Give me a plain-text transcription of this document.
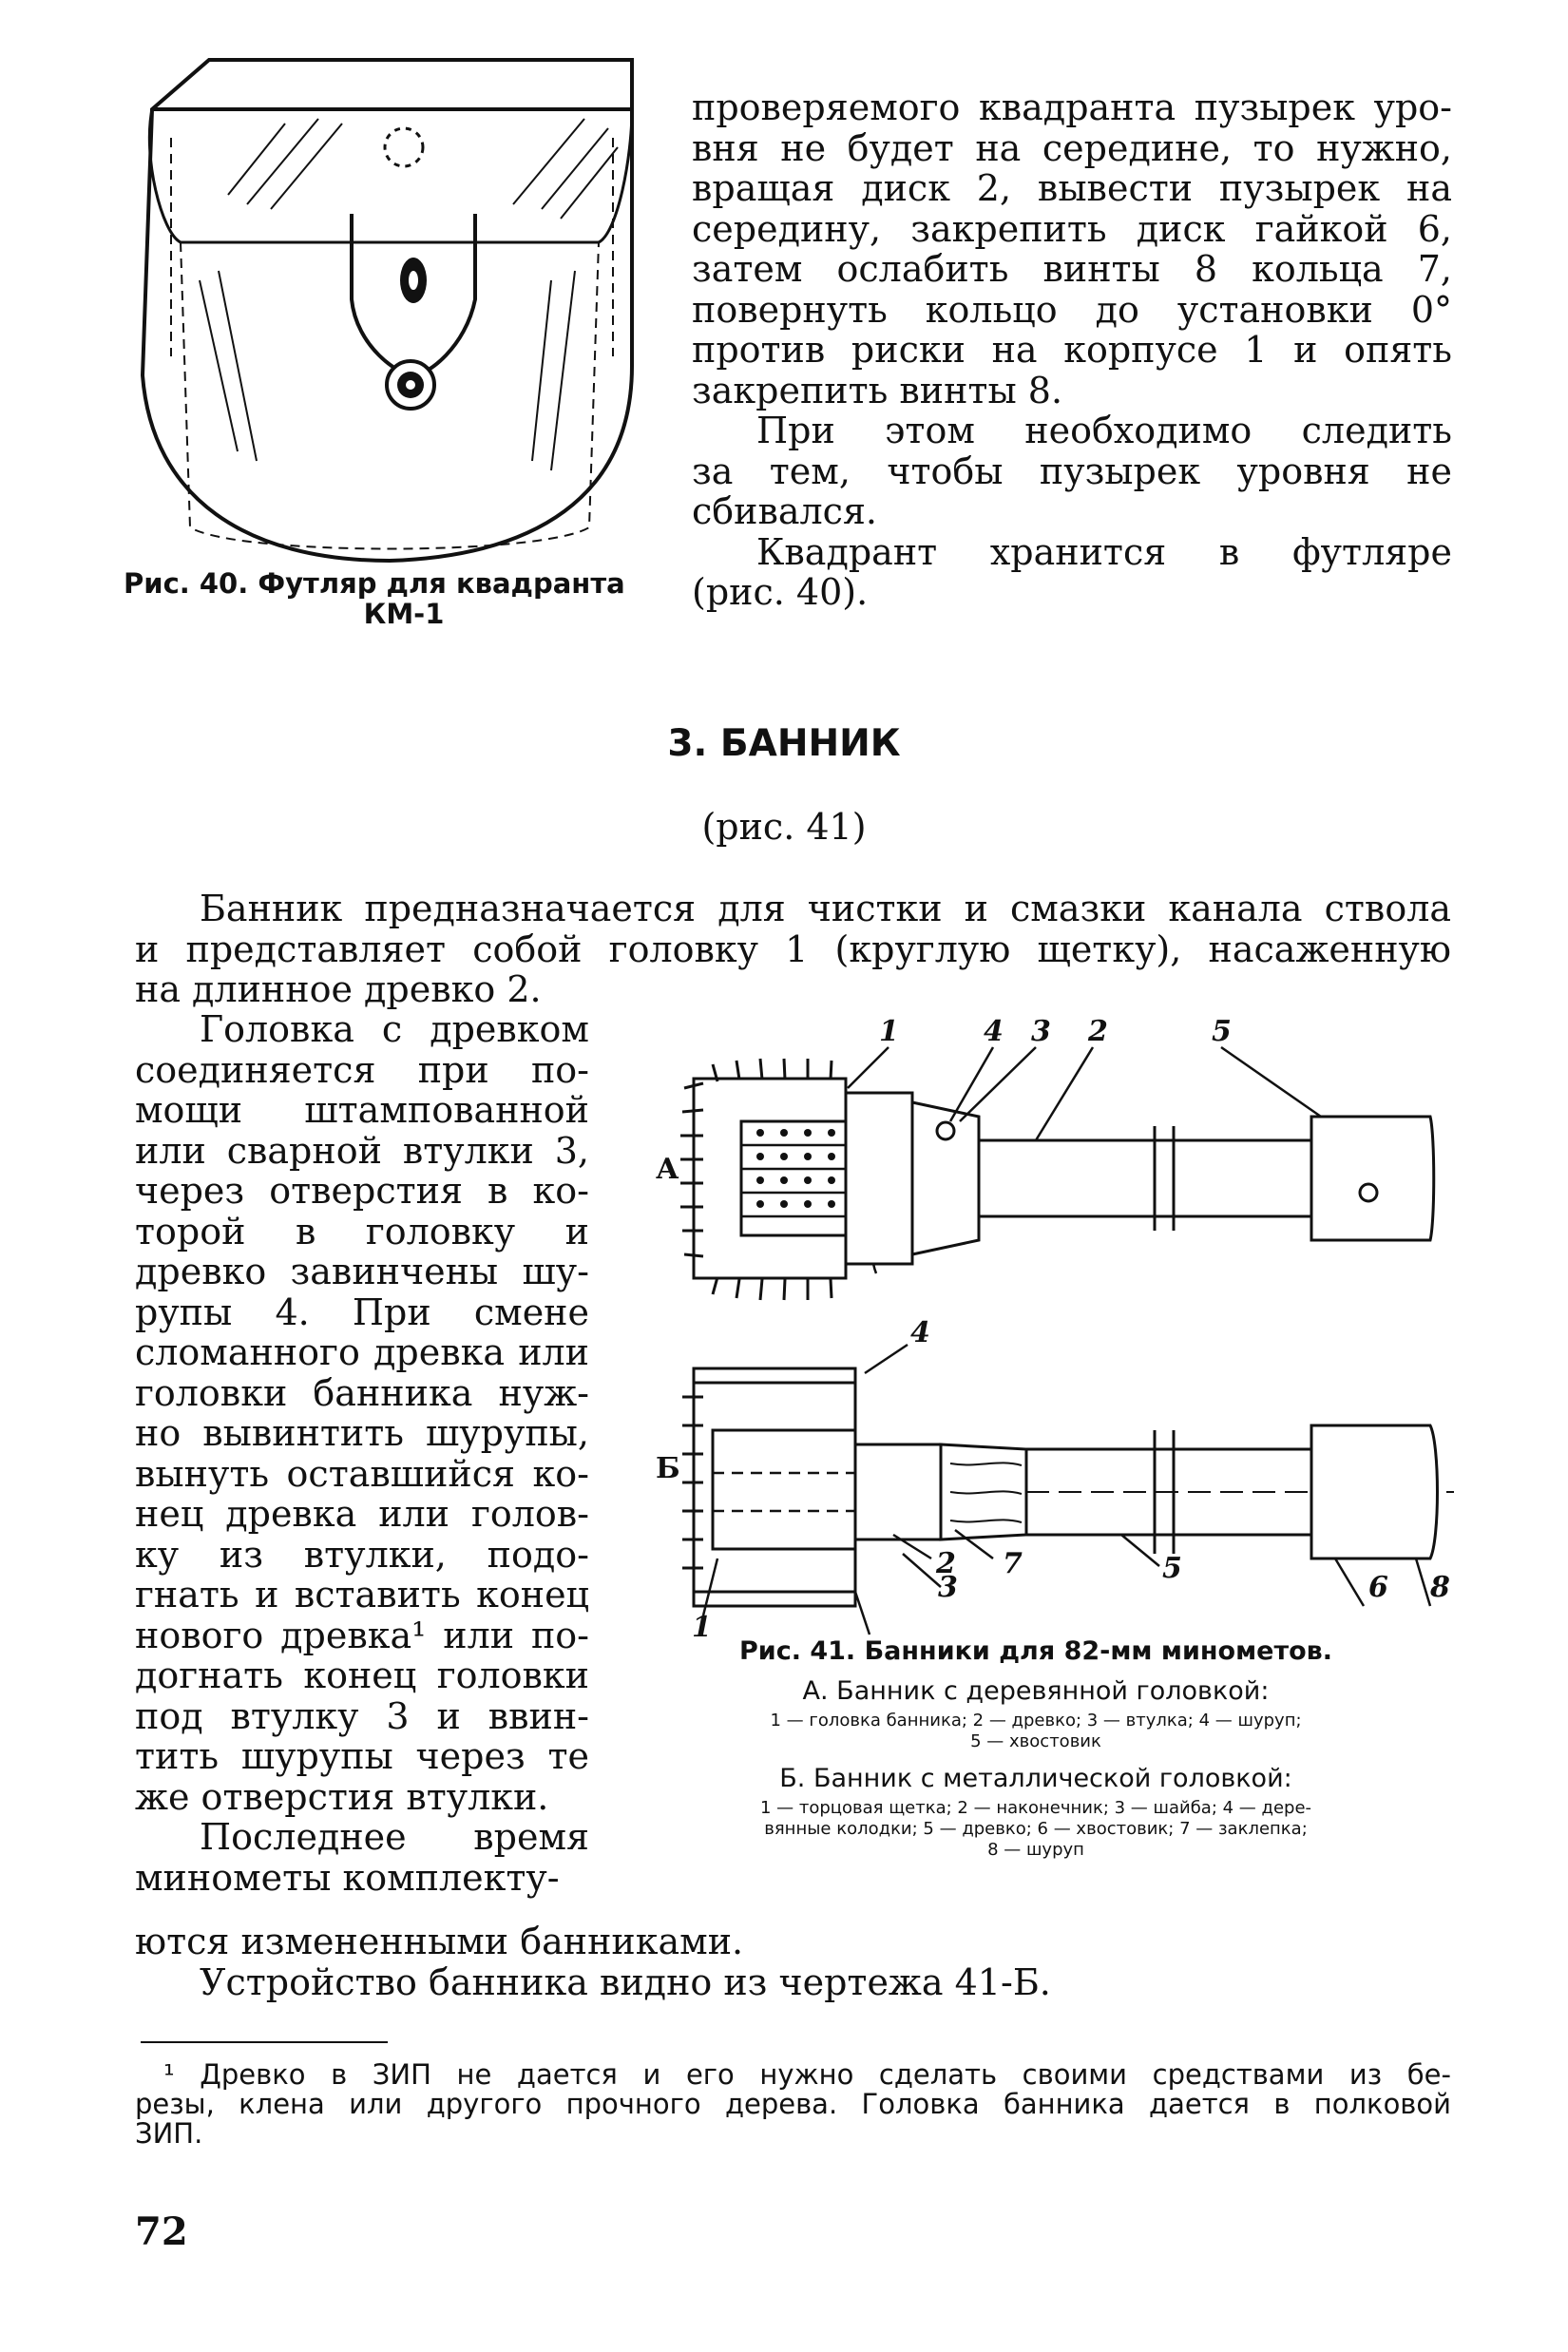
Рис. 40. Футляр для квадранта
КМ-1
проверяемого квадранта пузырек уро-
вня не будет на середине, то нужно,
вращая диск 2, вывести пузырек на
середину, закрепить диск гайкой 6,
затем ослабить винты 8 кольца 7,
повернуть кольцо до установки 0°
против риски на корпусе 1 и опять
закрепить винты 8.
При этом необходимо следить
за тем, чтобы пузырек уровня не
сбивался.
Квадрант хранится в футляре
(рис. 40).
3. БАННИК
(рис. 41)
Банник предназначается для чистки и смазки канала ствола
и представляет собой головку 1 (круглую щетку), насаженную
на длинное древко 2.
Головка с древком
соединяется при по-
мощи штампованной
или сварной втулки 3,
через отверстия в ко-
торой в головку и
древко завинчены шу-
рупы 4. При смене
сломанного древка или
головки банника нуж-
но вывинтить шурупы,
вынуть оставшийся ко-
нец древка или голов-
ку из втулки, подо-
гнать и вставить конец
нового древка¹ или по-
догнать конец головки
под втулку 3 и ввин-
тить шурупы через те
же отверстия втулки.
Последнее время
минометы комплекту-
ются измененными банниками.
Устройство банника видно из чертежа 41-Б.
1	4 3 2	5
А
4
1
2 7	5
3	6 8
Б
Рис. 41. Банники для 82-мм минометов.
А. Банник с деревянной головкой:
1 — головка банника; 2 — древко; 3 — втулка; 4 — шуруп;
5 — хвостовик
Б. Банник с металлической головкой:
1 — торцовая щетка; 2 — наконечник; 3 — шайба; 4 — дере-
вянные колодки; 5 — древко; 6 — хвостовик; 7 — заклепка;
8 — шуруп
¹ Древко в ЗИП не дается и его нужно сделать своими средствами из бе-
резы, клена или другого прочного дерева. Головка банника дается в полковой
ЗИП.
72
